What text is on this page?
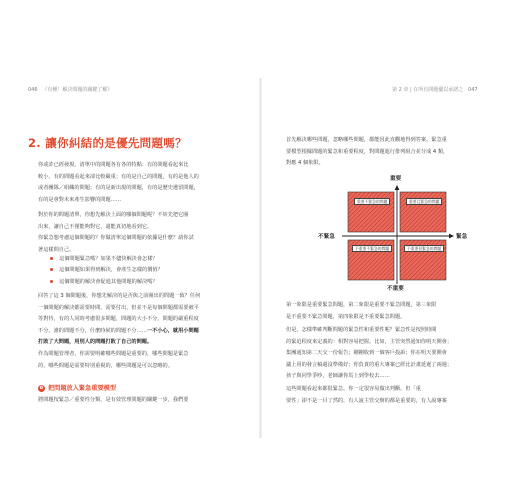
046 《有種！解決問題的關鍵了解》
2. 讓你糾結的是優先問題嗎？
你或許已經發現，清單中的問題各有各的特點：有的問題看起來比
較小，有的問題看起來卻比較嚴重；有的是自己的問題，有的是他人的
或者團隊／組織的問題；有的是新出現的問題，有的是歷史遺留問題，
有的是會對未來產生影響的問題……
對於你的問題清單，你想先解決上面的哪個問題呢？不妨先把它圈
出來，讓自己不僅能夠對它，還能真切地看到它。
你緊急想考慮這個問題的？你做清單這個問題的依據是什麼？請你試
著這樣問自己。
這個問題緊急嗎？如果不儘快解決會怎樣？
這個問題如果得到解決，會產生怎樣的價值？
這個問題的解決會促進其他問題的解決嗎？
回答了這 3 個問題後，你想先解決的是否與之前圈出的問題一致？任何
一個問題的解決都需要時間、需要付出，但並不是每個問題都需要被平
等對待，有的人同時考慮很多問題，問題的大小不分，問題的嚴重程度
不分，誰的問題不分，什麼時候的問題不分……一不小心，就用小問題
打敗了大問題，用別人的問題打敗了自己的問題。
作為問題管理者，你需要明確哪些問題是重要的，哪些問題是緊急
的，哪些問題是需要特別重視的，哪些問題是可以忽略的。
❸ 把問題放入緊急重要模型
將問題按緊急／重要性分類，是有效管理問題的關鍵一步，我們要
第 2 章 | 在所有問題優以承諾之 047
首先解決哪些問題，忽略哪些問題，都能因此直觀地得到答案。緊急重
要模型根據問題的緊急和重要程度，對問題進行排列組合並分成 4 類，
對應 4 個象限。
第一象限是重要緊急問題，第二象限是重要不緊急問題，第三象限
是不重要不緊急問題，第四象限是不重要緊急問題。
但是，怎樣準確判斷問題的緊急性和重要性呢？緊急性是按照時間
的緊迫程度來定義的：相對容易把握。比如，主管突然通知你明天開會；
集團通知第二天交一份報告；剛剛收到一個客戶投訴；你在明天要開會
議上用的發言稿還沒準備好；你負責的重大專案已經比計畫延遲了兩週；
孩子與同學爭吵，老師讓你馬上到學校去……
這些問題看起來都很緊急，你一定很容易做出判斷。但「重
要性」卻不是一目了然的，有人說主管交辦的都是重要的，有人說專案
重要
不重要
不緊急	緊急
重要不緊急的問題	重要且緊急的問題
不重要不緊急的問題	不重要但緊急的問題
